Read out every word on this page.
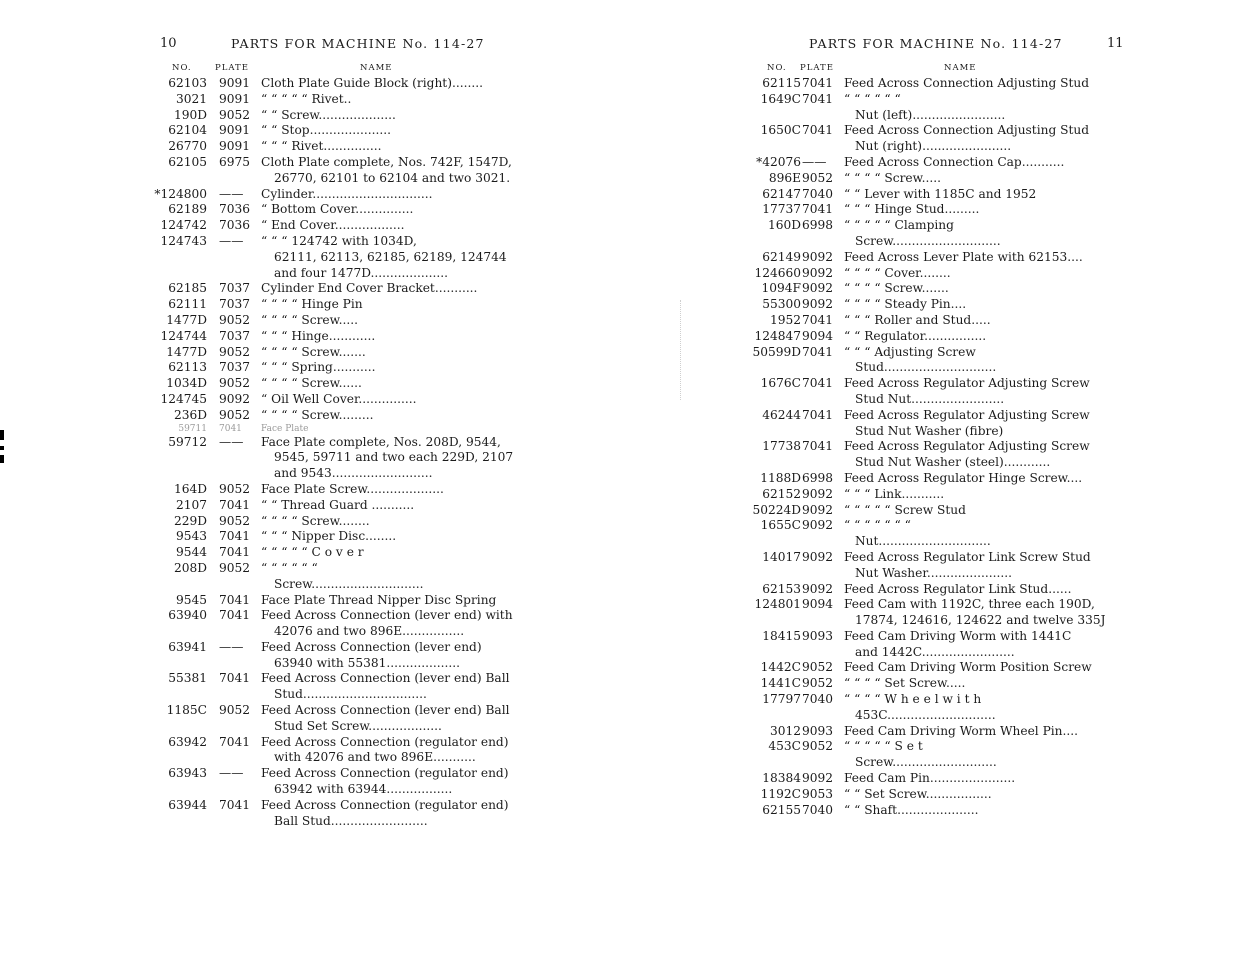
10	PARTS FOR MACHINE No. 114-27
NO.	PLATE	NAME
62103 9091 Cloth Plate Guide Block (right)........
3021 9091 “ “ “ “ “ Rivet..
190D 9052 “ “ Screw....................
62104 9091 “ “ Stop.....................
26770 9091 “ “ “ Rivet...............
62105 6975 Cloth Plate complete, Nos. 742F, 1547D,
26770, 62101 to 62104 and two 3021.
*124800 ——	Cylinder...............................
62189 7036 “ Bottom Cover...............
124742 7036 “ End Cover..................
124743 ——	“ “ “ 124742 with 1034D,
62111, 62113, 62185, 62189, 124744
and four 1477D....................
62185 7037 Cylinder End Cover Bracket...........
62111 7037 “ “ “ “ Hinge Pin
1477D 9052 “ “ “ “ Screw.....
124744 7037 “ “ “ Hinge............
1477D 9052 “ “ “ “ Screw.......
62113 7037 “ “ “ Spring...........
1034D 9052 “ “ “ “ Screw......
124745 9092 “ Oil Well Cover...............
236D 9052 “ “ “ “ Screw.........
59711 7041	Face Plate
59712 ——	Face Plate complete, Nos. 208D, 9544,
9545, 59711 and two each 229D, 2107
and 9543..........................
164D 9052 Face Plate Screw....................
2107 7041 “ “ Thread Guard ...........
229D 9052 “ “ “ “ Screw........
9543 7041 “ “ “ Nipper Disc........
9544 7041 “ “ “ “ “ C o v e r
208D 9052 “ “ “ “ “ “
Screw.............................
9545 7041 Face Plate Thread Nipper Disc Spring
63940 7041 Feed Across Connection (lever end) with
42076 and two 896E................
63941 ——	Feed Across Connection (lever end)
63940 with 55381...................
55381 7041 Feed Across Connection (lever end) Ball
Stud................................
1185C 9052 Feed Across Connection (lever end) Ball
Stud Set Screw...................
63942 7041 Feed Across Connection (regulator end)
with 42076 and two 896E...........
63943 ——	Feed Across Connection (regulator end)
63942 with 63944.................
63944 7041 Feed Across Connection (regulator end)
Ball Stud.........................
PARTS FOR MACHINE No. 114-27	11
NO. PLATE	NAME
62115 7041 Feed Across Connection Adjusting Stud
1649C 7041 “ “ “ “ “ “
Nut (left)........................
1650C 7041 Feed Across Connection Adjusting Stud
Nut (right).......................
*42076 ——	Feed Across Connection Cap...........
896E 9052 “ “ “ “ Screw.....
62147 7040 “ “ Lever with 1185C and 1952
17737 7041 “ “ “ Hinge Stud.........
160D 6998 “ “ “ “ “ Clamping
Screw............................
62149 9092 Feed Across Lever Plate with 62153....
124660 9092 “ “ “ “ Cover........
1094F 9092 “ “ “ “ Screw.......
55300 9092 “ “ “ “ Steady Pin....
1952 7041 “ “ “ Roller and Stud.....
124847 9094 “ “ Regulator................
50599D 7041 “ “ “ Adjusting Screw
Stud.............................
1676C 7041 Feed Across Regulator Adjusting Screw
Stud Nut........................
46244 7041 Feed Across Regulator Adjusting Screw
Stud Nut Washer (fibre)
17738 7041 Feed Across Regulator Adjusting Screw
Stud Nut Washer (steel)............
1188D 6998 Feed Across Regulator Hinge Screw....
62152 9092 “ “ “ Link...........
50224D 9092 “ “ “ “ “ Screw Stud
1655C 9092 “ “ “ “ “ “ “
Nut.............................
14017 9092 Feed Across Regulator Link Screw Stud
Nut Washer......................
62153 9092 Feed Across Regulator Link Stud......
124801 9094 Feed Cam with 1192C, three each 190D,
17874, 124616, 124622 and twelve 335J
18415 9093 Feed Cam Driving Worm with 1441C
and 1442C........................
1442C 9052 Feed Cam Driving Worm Position Screw
1441C 9052 “ “ “ “ Set Screw.....
17797 7040 “ “ “ “ W h e e l w i t h
453C............................
3012 9093 Feed Cam Driving Worm Wheel Pin....
453C 9052 “ “ “ “ “ S e t
Screw...........................
18384 9092 Feed Cam Pin......................
1192C 9053 “ “ Set Screw.................
62155 7040 “ “ Shaft.....................
